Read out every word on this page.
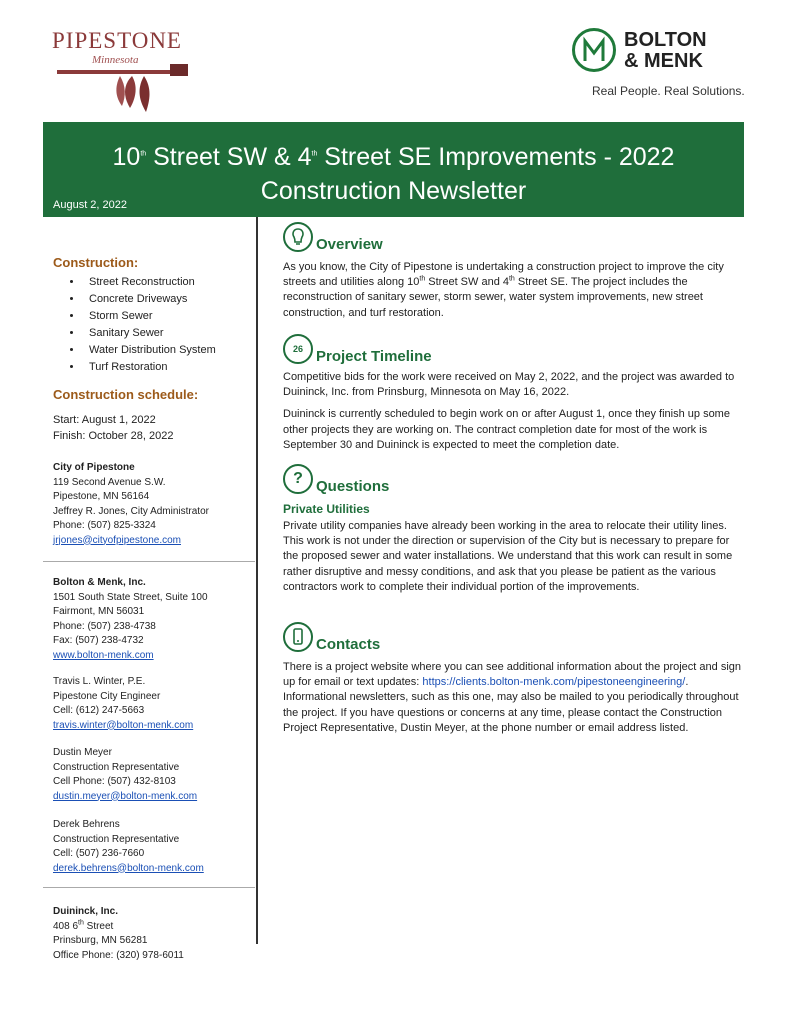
PIPESTONE
Minnesota
BOLTON
& MENK
Real People. Real Solutions.
10th Street SW & 4th Street SE Improvements - 2022
Construction Newsletter
August 2, 2022

Construction:

• Street Reconstruction
• Concrete Driveways
• Storm Sewer
• Sanitary Sewer
• Water Distribution System
• Turf Restoration

Construction schedule:

Start: August 1, 2022

Finish: October 28, 2022

City of Pipestone

119 Second Avenue S.W.

Pipestone, MN 56164

Jeffrey R. Jones, City Administrator

Phone: (507) 825-3324

jrjones@cityofpipestone.com

Bolton & Menk, Inc.

1501 South State Street, Suite 100

Fairmont, MN 56031

Phone: (507) 238-4738

Fax: (507) 238-4732

www.bolton-menk.com

Travis L. Winter, P.E.

Pipestone City Engineer

Cell: (612) 247-5663

travis.winter@bolton-menk.com

Dustin Meyer

Construction Representative

Cell Phone: (507) 432-8103

dustin.meyer@bolton-menk.com

Derek Behrens

Construction Representative

Cell: (507) 236-7660

derek.behrens@bolton-menk.com

Duininck, Inc.

408 6th Street

Prinsburg, MN 56281

Office Phone: (320) 978-6011

Overview

As you know, the City of Pipestone is undertaking a construction project to improve the city streets and utilities along 10th Street SW and 4th Street SE. The project includes the reconstruction of sanitary sewer, storm sewer, water system improvements, new street construction, and turf restoration.

26 Project Timeline

Competitive bids for the work were received on May 2, 2022, and the project was awarded to Duininck, Inc. from Prinsburg, Minnesota on May 16, 2022.

Duininck is currently scheduled to begin work on or after August 1, once they finish up some other projects they are working on. The contract completion date for most of the work is September 30 and Duininck is expected to meet the completion date.

? Questions

Private Utilities

Private utility companies have already been working in the area to relocate their utility lines. This work is not under the direction or supervision of the City but is necessary to prepare for the proposed sewer and water installations. We understand that this work can result in some rather disruptive and messy conditions, and ask that you please be patient as the various contractors work to complete their individual portion of the improvements.

Contacts

There is a project website where you can see additional information about the project and sign up for email or text updates: https://clients.bolton-menk.com/pipestoneengineering/. Informational newsletters, such as this one, may also be mailed to you periodically throughout the project. If you have questions or concerns at any time, please contact the Construction Project Representative, Dustin Meyer, at the phone number or email address listed.
